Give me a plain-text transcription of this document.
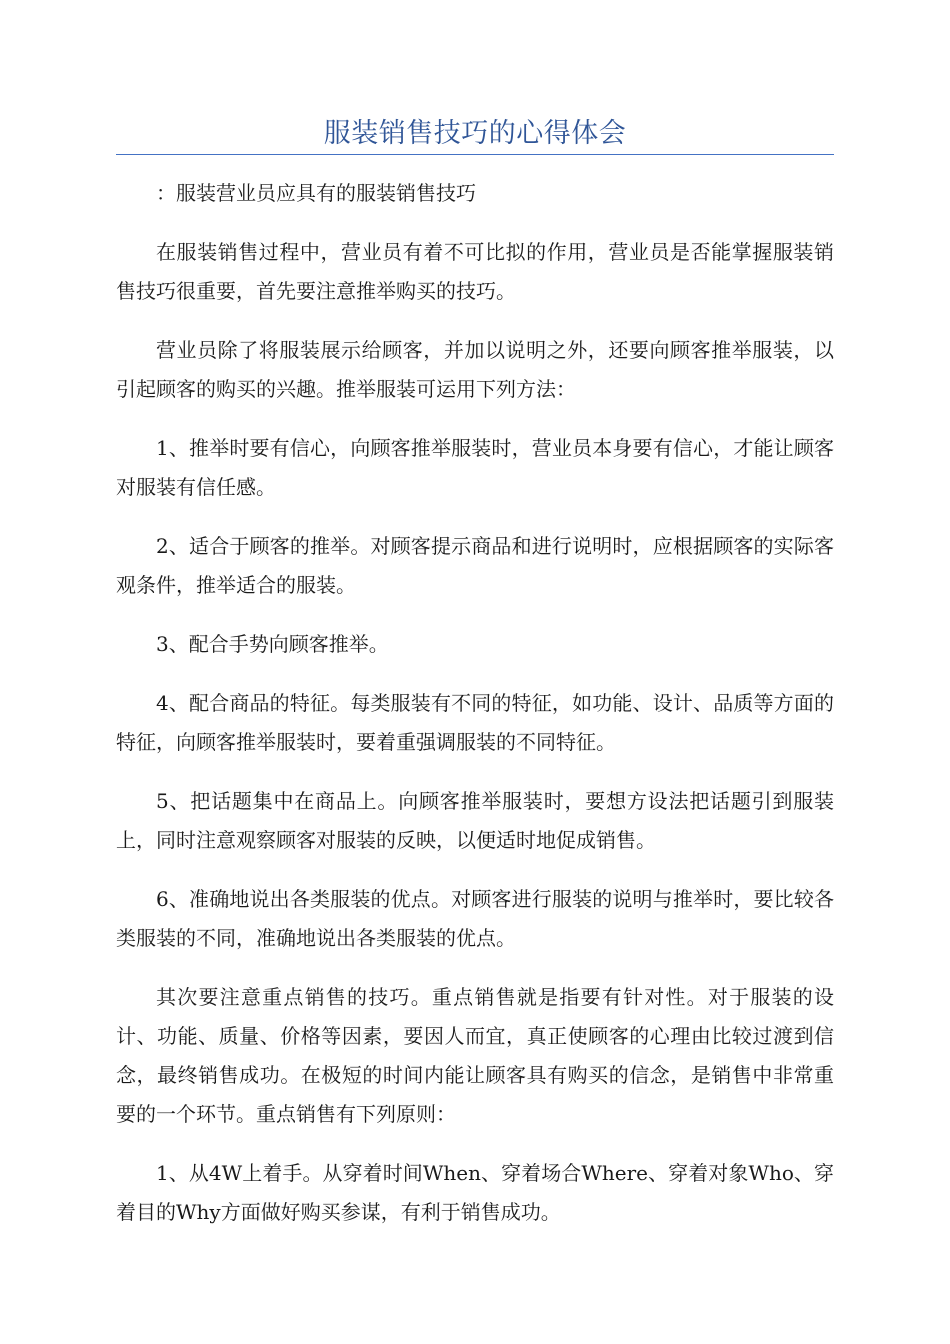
服装销售技巧的心得体会

：服装营业员应具有的服装销售技巧

在服装销售过程中，营业员有着不可比拟的作用，营业员是否能掌握服装销售技巧很重要，首先要注意推举购买的技巧。

营业员除了将服装展示给顾客，并加以说明之外，还要向顾客推举服装，以引起顾客的购买的兴趣。推举服装可运用下列方法：

1、推举时要有信心，向顾客推举服装时，营业员本身要有信心，才能让顾客对服装有信任感。

2、适合于顾客的推举。对顾客提示商品和进行说明时，应根据顾客的实际客观条件，推举适合的服装。

3、配合手势向顾客推举。

4、配合商品的特征。每类服装有不同的特征，如功能、设计、品质等方面的特征，向顾客推举服装时，要着重强调服装的不同特征。

5、把话题集中在商品上。向顾客推举服装时，要想方设法把话题引到服装上，同时注意观察顾客对服装的反映，以便适时地促成销售。

6、准确地说出各类服装的优点。对顾客进行服装的说明与推举时，要比较各类服装的不同，准确地说出各类服装的优点。

其次要注意重点销售的技巧。重点销售就是指要有针对性。对于服装的设计、功能、质量、价格等因素，要因人而宜，真正使顾客的心理由比较过渡到信念，最终销售成功。在极短的时间内能让顾客具有购买的信念，是销售中非常重要的一个环节。重点销售有下列原则：

1、从4W上着手。从穿着时间When、穿着场合Where、穿着对象Who、穿着目的Why方面做好购买参谋，有利于销售成功。
